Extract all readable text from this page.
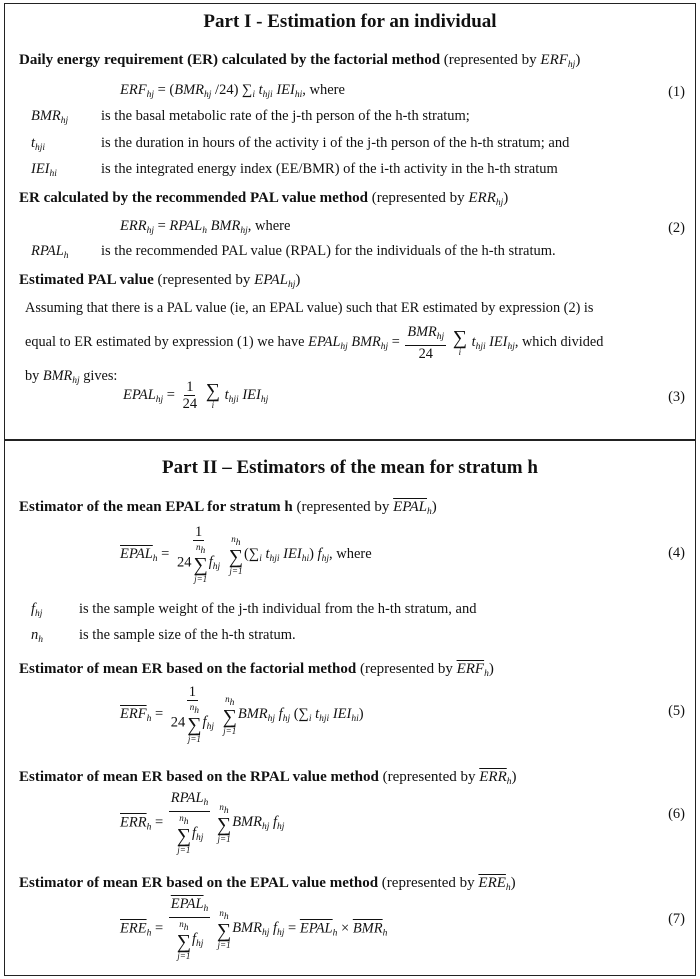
Part I - Estimation for an individual
Daily energy requirement (ER) calculated by the factorial method (represented by $ERF_{hj}$)
$ERF_{hj} = (BMR_{hj}$ /24) $\sum_i$ $t_{hji}$ $IEI_{hi}$, where	(1)
$BMR_{hj}$ is the basal metabolic rate of the j-th person of the h-th stratum;
$t_{hji}$	is the duration in hours of the activity i of the j-th person of the h-th stratum; and
$IEI_{hi}$	is the integrated energy index (EE/BMR) of the i-th activity in the h-th stratum
ER calculated by the recommended PAL value method (represented by $ERR_{hj}$)
$ERR_{hj}$ = $RPAL_h$ $BMR_{hj}$, where	(2)
$RPAL_h$ is the recommended PAL value (RPAL) for the individuals of the h-th stratum.
Estimated PAL value (represented by $EPAL_{hj}$)
Assuming that there is a PAL value (ie, an EPAL value) such that ER estimated by expression (2) is
equal to ER estimated by expression (1) we have $EPAL_{hj}$ $BMR_{hj} = \frac{BMR_{hj}}{24}$
∑
i
$t_{hji}$ $IEI_{hj}$, which divided
by $BMR_{hj}$ gives:
$EPAL_{hj} = \frac{1}{24}$
∑
i
$t_{hji}$ $IEI_{hj}$	(3)
Part II – Estimators of the mean for stratum h
Estimator of the mean EPAL for stratum h (represented by $EPAL_h$)
$EPAL_h = 1$
24
$n_h$
∑
j=1
$f_{hj}$
$n_h$
∑
j=1
($\sum_i$ $t_{hji}$ $IEI_{hi}$) $f_{hj}$, where	(4)
$f_{hj}$	is the sample weight of the j-th individual from the h-th stratum, and
$n_h$ is the sample size of the h-th stratum.
Estimator of mean ER based on the factorial method (represented by $\overline{ERF}_h$)
$\overline{ERF}_h = 1$
24
$n_h$
∑
j=1
$f_{hj}$
$n_h$
∑
j=1
$BMR_{hj}$ $f_{hj}$ ($\sum_i$ $t_{hji}$ $IEI_{hi}$)	(5)
Estimator of mean ER based on the RPAL value method (represented by $\overline{ERR}_h$)
$\overline{ERR}_h$ = $RPAL_h$
$n_h$
∑
j=1
$f_{hj}$
$n_h$
∑
j=1
$BMR_{hj}$ $f_{hj}$
(6)
Estimator of mean ER based on the EPAL value method (represented by $\overline{ERE}_h$)
$\overline{ERE}_h$ = $EPAL_h$
$n_h$
∑
j=1
$f_{hj}$
$n_h$
∑
j=1
$BMR_{hj}$ $f_{hj}$ = $EPAL_h \times \overline{BMR}_h$
(7)
